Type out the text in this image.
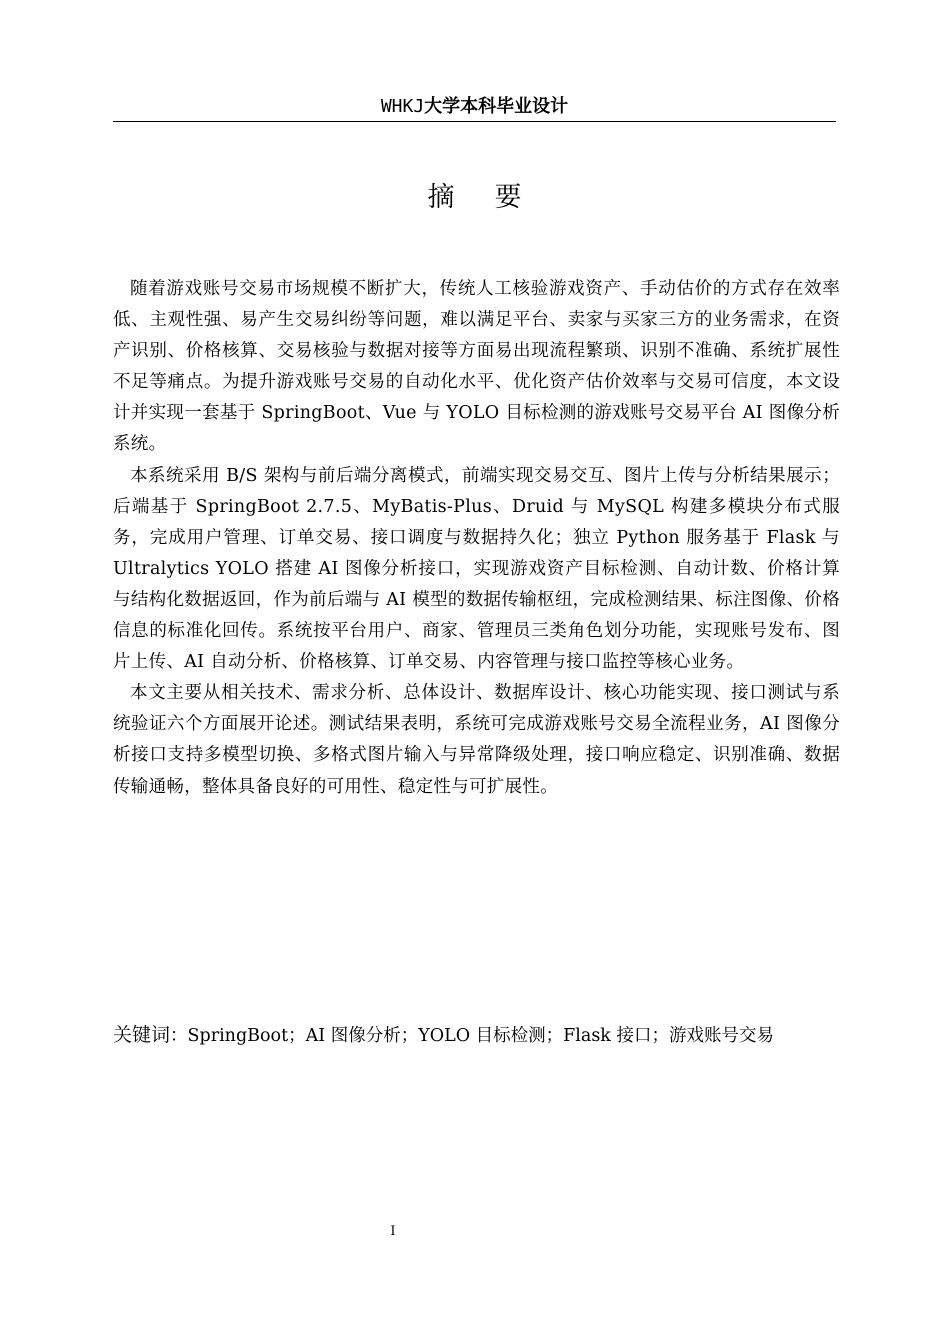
WHKJ大学本科毕业设计
摘 要

随着游戏账号交易市场规模不断扩大，传统人工核验游戏资产、手动估价的方式存在效率低、主观性强、易产生交易纠纷等问题，难以满足平台、卖家与买家三方的业务需求，在资产识别、价格核算、交易核验与数据对接等方面易出现流程繁琐、识别不准确、系统扩展性不足等痛点。为提升游戏账号交易的自动化水平、优化资产估价效率与交易可信度，本文设计并实现一套基于 SpringBoot、Vue 与 YOLO 目标检测的游戏账号交易平台 AI 图像分析系统。

本系统采用 B/S 架构与前后端分离模式，前端实现交易交互、图片上传与分析结果展示；后端基于 SpringBoot 2.7.5、MyBatis-Plus、Druid 与 MySQL 构建多模块分布式服务，完成用户管理、订单交易、接口调度与数据持久化；独立 Python 服务基于 Flask 与 Ultralytics YOLO 搭建 AI 图像分析接口，实现游戏资产目标检测、自动计数、价格计算与结构化数据返回，作为前后端与 AI 模型的数据传输枢纽，完成检测结果、标注图像、价格信息的标准化回传。系统按平台用户、商家、管理员三类角色划分功能，实现账号发布、图片上传、AI 自动分析、价格核算、订单交易、内容管理与接口监控等核心业务。

本文主要从相关技术、需求分析、总体设计、数据库设计、核心功能实现、接口测试与系统验证六个方面展开论述。测试结果表明，系统可完成游戏账号交易全流程业务，AI 图像分析接口支持多模型切换、多格式图片输入与异常降级处理，接口响应稳定、识别准确、数据传输通畅，整体具备良好的可用性、稳定性与可扩展性。

关键词：SpringBoot；AI 图像分析；YOLO 目标检测；Flask 接口；游戏账号交易
I
